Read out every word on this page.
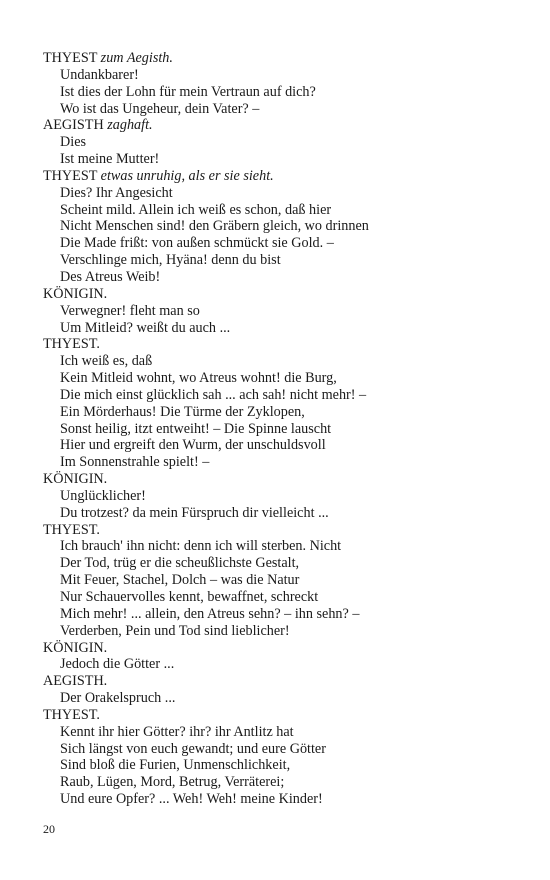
THYEST zum Aegisth.
Undankbarer!
Ist dies der Lohn für mein Vertraun auf dich?
Wo ist das Ungeheur, dein Vater? –
AEGISTH zaghaft.
Dies
Ist meine Mutter!
THYEST etwas unruhig, als er sie sieht.
Dies? Ihr Angesicht
Scheint mild. Allein ich weiß es schon, daß hier
Nicht Menschen sind! den Gräbern gleich, wo drinnen
Die Made frißt: von außen schmückt sie Gold. –
Verschlinge mich, Hyäna! denn du bist
Des Atreus Weib!
KÖNIGIN.
Verwegner! fleht man so
Um Mitleid? weißt du auch ...
THYEST.
Ich weiß es, daß
Kein Mitleid wohnt, wo Atreus wohnt! die Burg,
Die mich einst glücklich sah ... ach sah! nicht mehr! –
Ein Mörderhaus! Die Türme der Zyklopen,
Sonst heilig, itzt entweiht! – Die Spinne lauscht
Hier und ergreift den Wurm, der unschuldsvoll
Im Sonnenstrahle spielt! –
KÖNIGIN.
Unglücklicher!
Du trotzest? da mein Fürspruch dir vielleicht ...
THYEST.
Ich brauch' ihn nicht: denn ich will sterben. Nicht
Der Tod, trüg er die scheußlichste Gestalt,
Mit Feuer, Stachel, Dolch – was die Natur
Nur Schauervolles kennt, bewaffnet, schreckt
Mich mehr! ... allein, den Atreus sehn? – ihn sehn? –
Verderben, Pein und Tod sind lieblicher!
KÖNIGIN.
Jedoch die Götter ...
AEGISTH.
Der Orakelspruch ...
THYEST.
Kennt ihr hier Götter? ihr? ihr Antlitz hat
Sich längst von euch gewandt; und eure Götter
Sind bloß die Furien, Unmenschlichkeit,
Raub, Lügen, Mord, Betrug, Verräterei;
Und eure Opfer? ... Weh! Weh! meine Kinder!
20
